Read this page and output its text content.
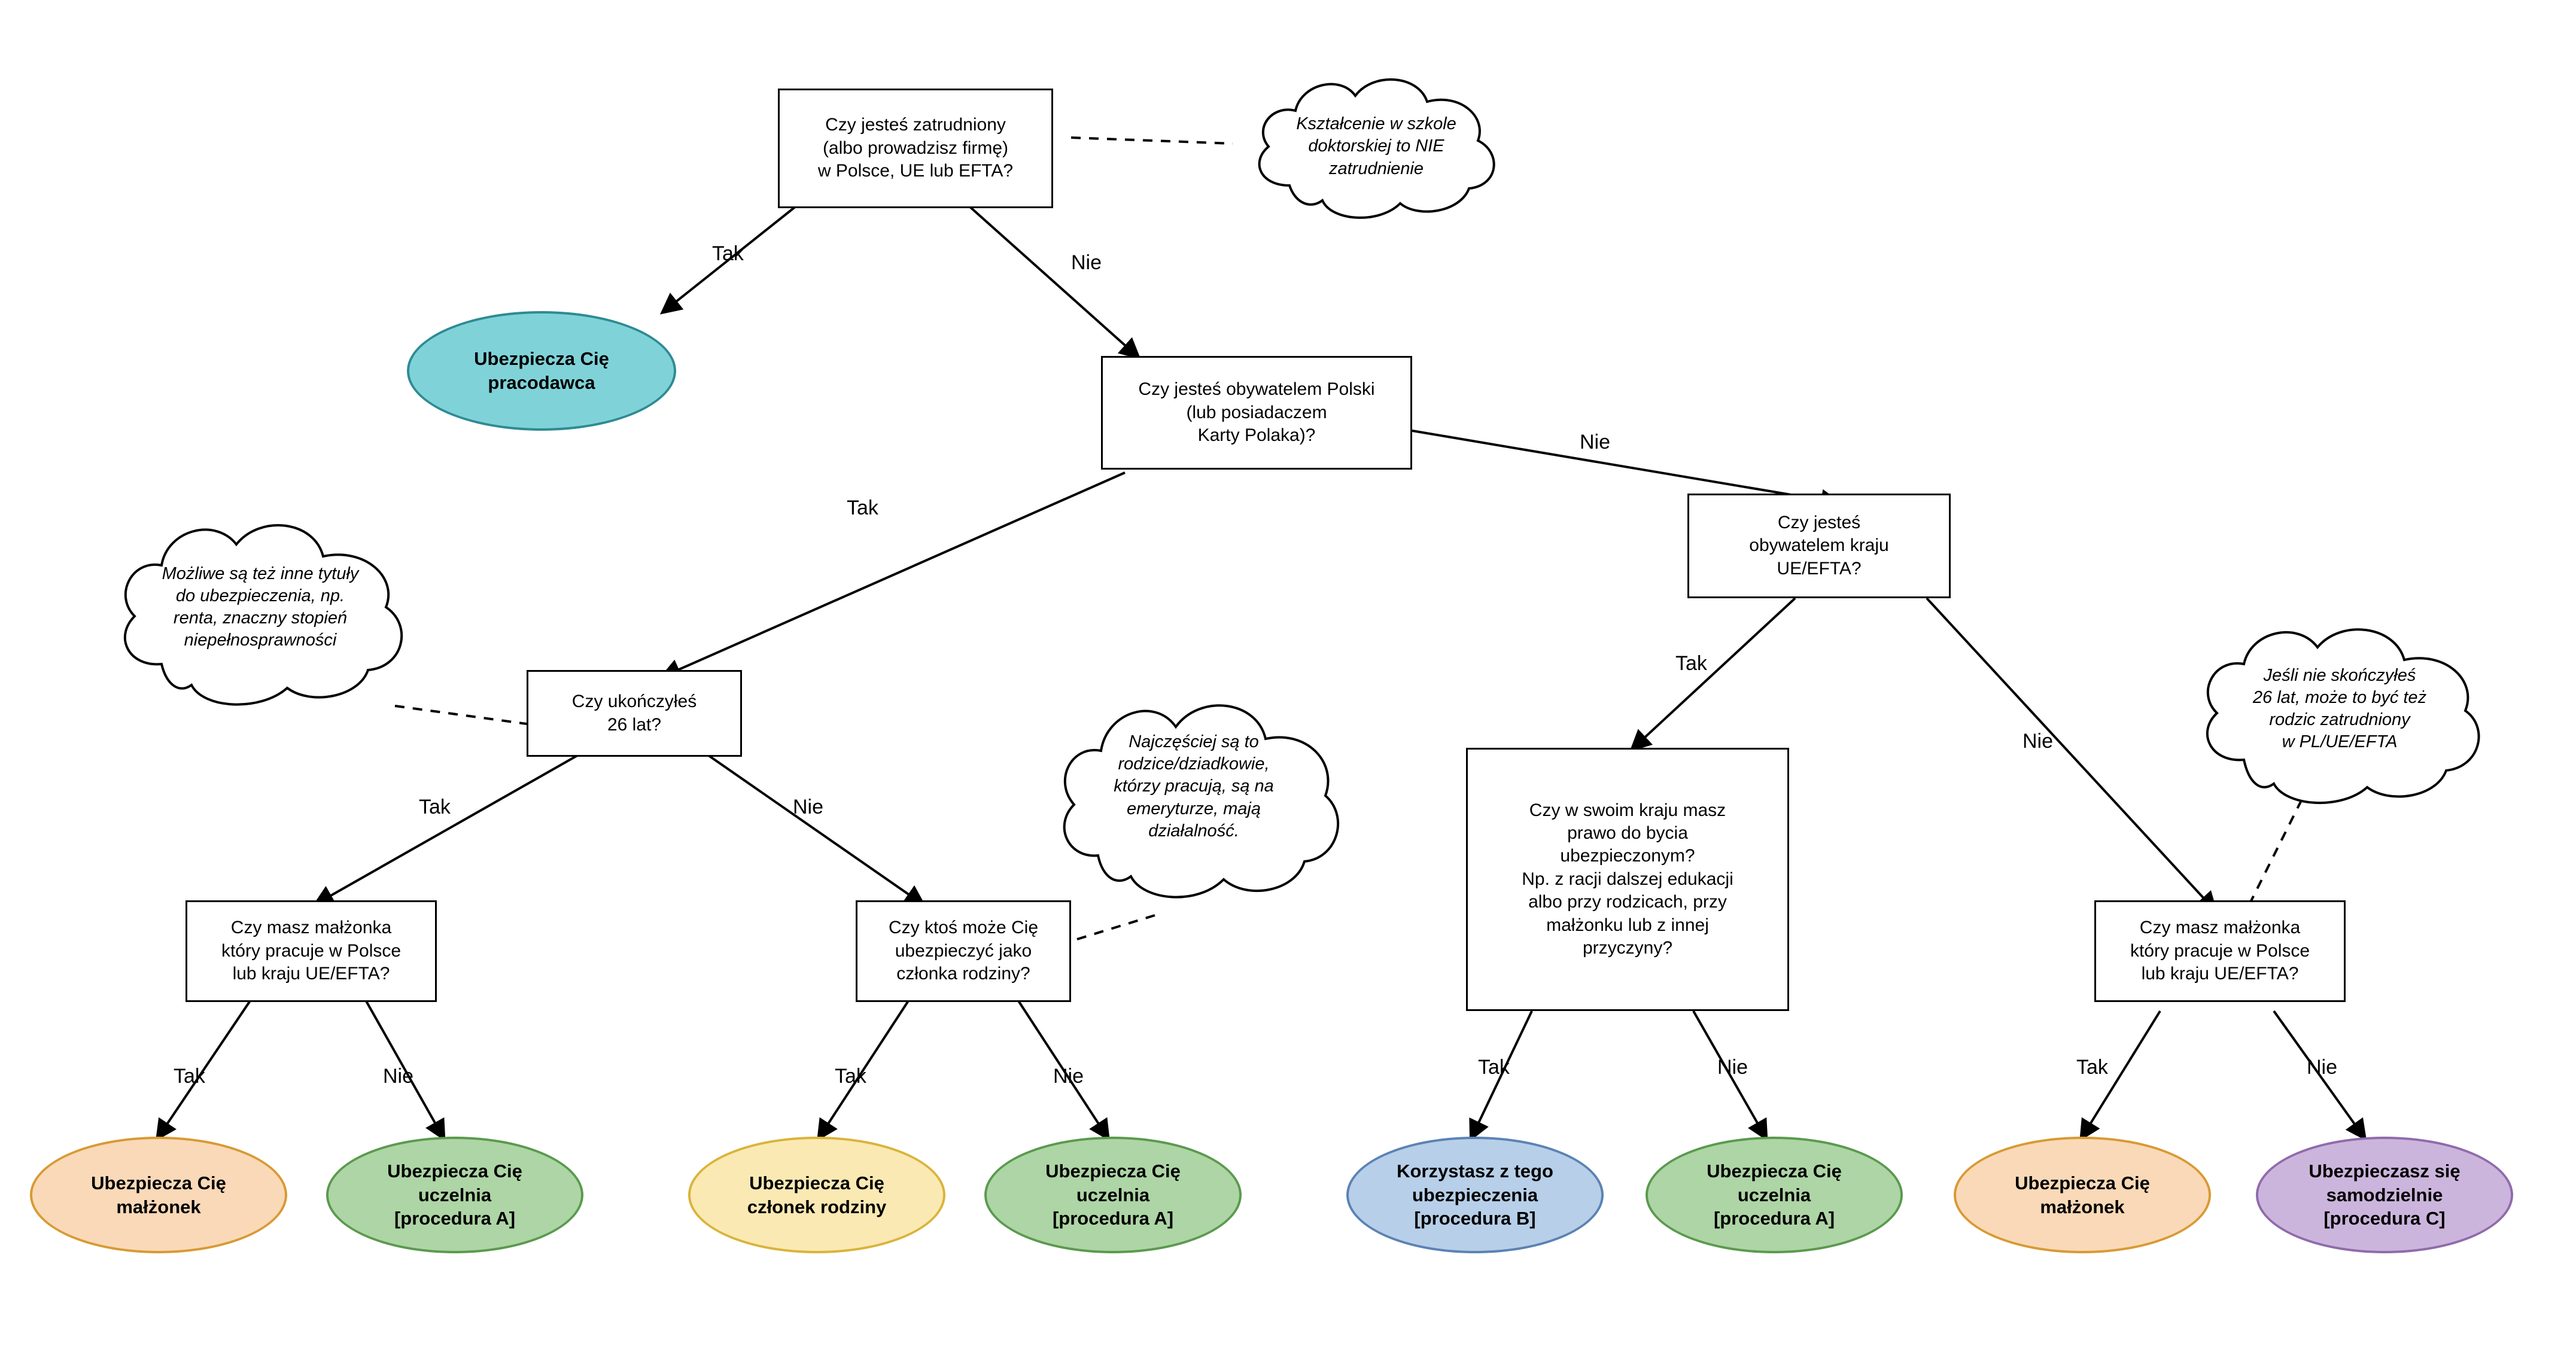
Czy jesteś zatrudniony
(albo prowadzisz firmę)
w Polsce, UE lub EFTA?
Czy jesteś obywatelem Polski
(lub posiadaczem
Karty Polaka)?
Czy jesteś
obywatelem kraju
UE/EFTA?
Czy ukończyłeś
26 lat?
Czy masz małżonka
który pracuje w Polsce
lub kraju UE/EFTA?
Czy ktoś może Cię
ubezpieczyć jako
członka rodziny?
Czy w swoim kraju masz
prawo do bycia
ubezpieczonym?
Np. z racji dalszej edukacji
albo przy rodzicach, przy
małżonku lub z innej
przyczyny?
Czy masz małżonka
który pracuje w Polsce
lub kraju UE/EFTA?
Ubezpiecza Cię
pracodawca
Ubezpiecza Cię
małżonek
Ubezpiecza Cię
uczelnia
[procedura A]
Ubezpiecza Cię
członek rodziny
Ubezpiecza Cię
uczelnia
[procedura A]
Korzystasz z tego
ubezpieczenia
[procedura B]
Ubezpiecza Cię
uczelnia
[procedura A]
Ubezpiecza Cię
małżonek
Ubezpieczasz się
samodzielnie
[procedura C]
Kształcenie w szkole
doktorskiej to NIE
zatrudnienie
Możliwe są też inne tytuły
do ubezpieczenia, np.
renta, znaczny stopień
niepełnosprawności
Najczęściej są to
rodzice/dziadkowie,
którzy pracują, są na
emeryturze, mają
działalność.
Jeśli nie skończyłeś
26 lat, może to być też
rodzic zatrudniony
w PL/UE/EFTA
Tak	Nie
Tak
Nie
Tak
Nie
Tak	Nie
Tak	Nie	Tak	Nie	Tak	Nie	Tak	Nie
